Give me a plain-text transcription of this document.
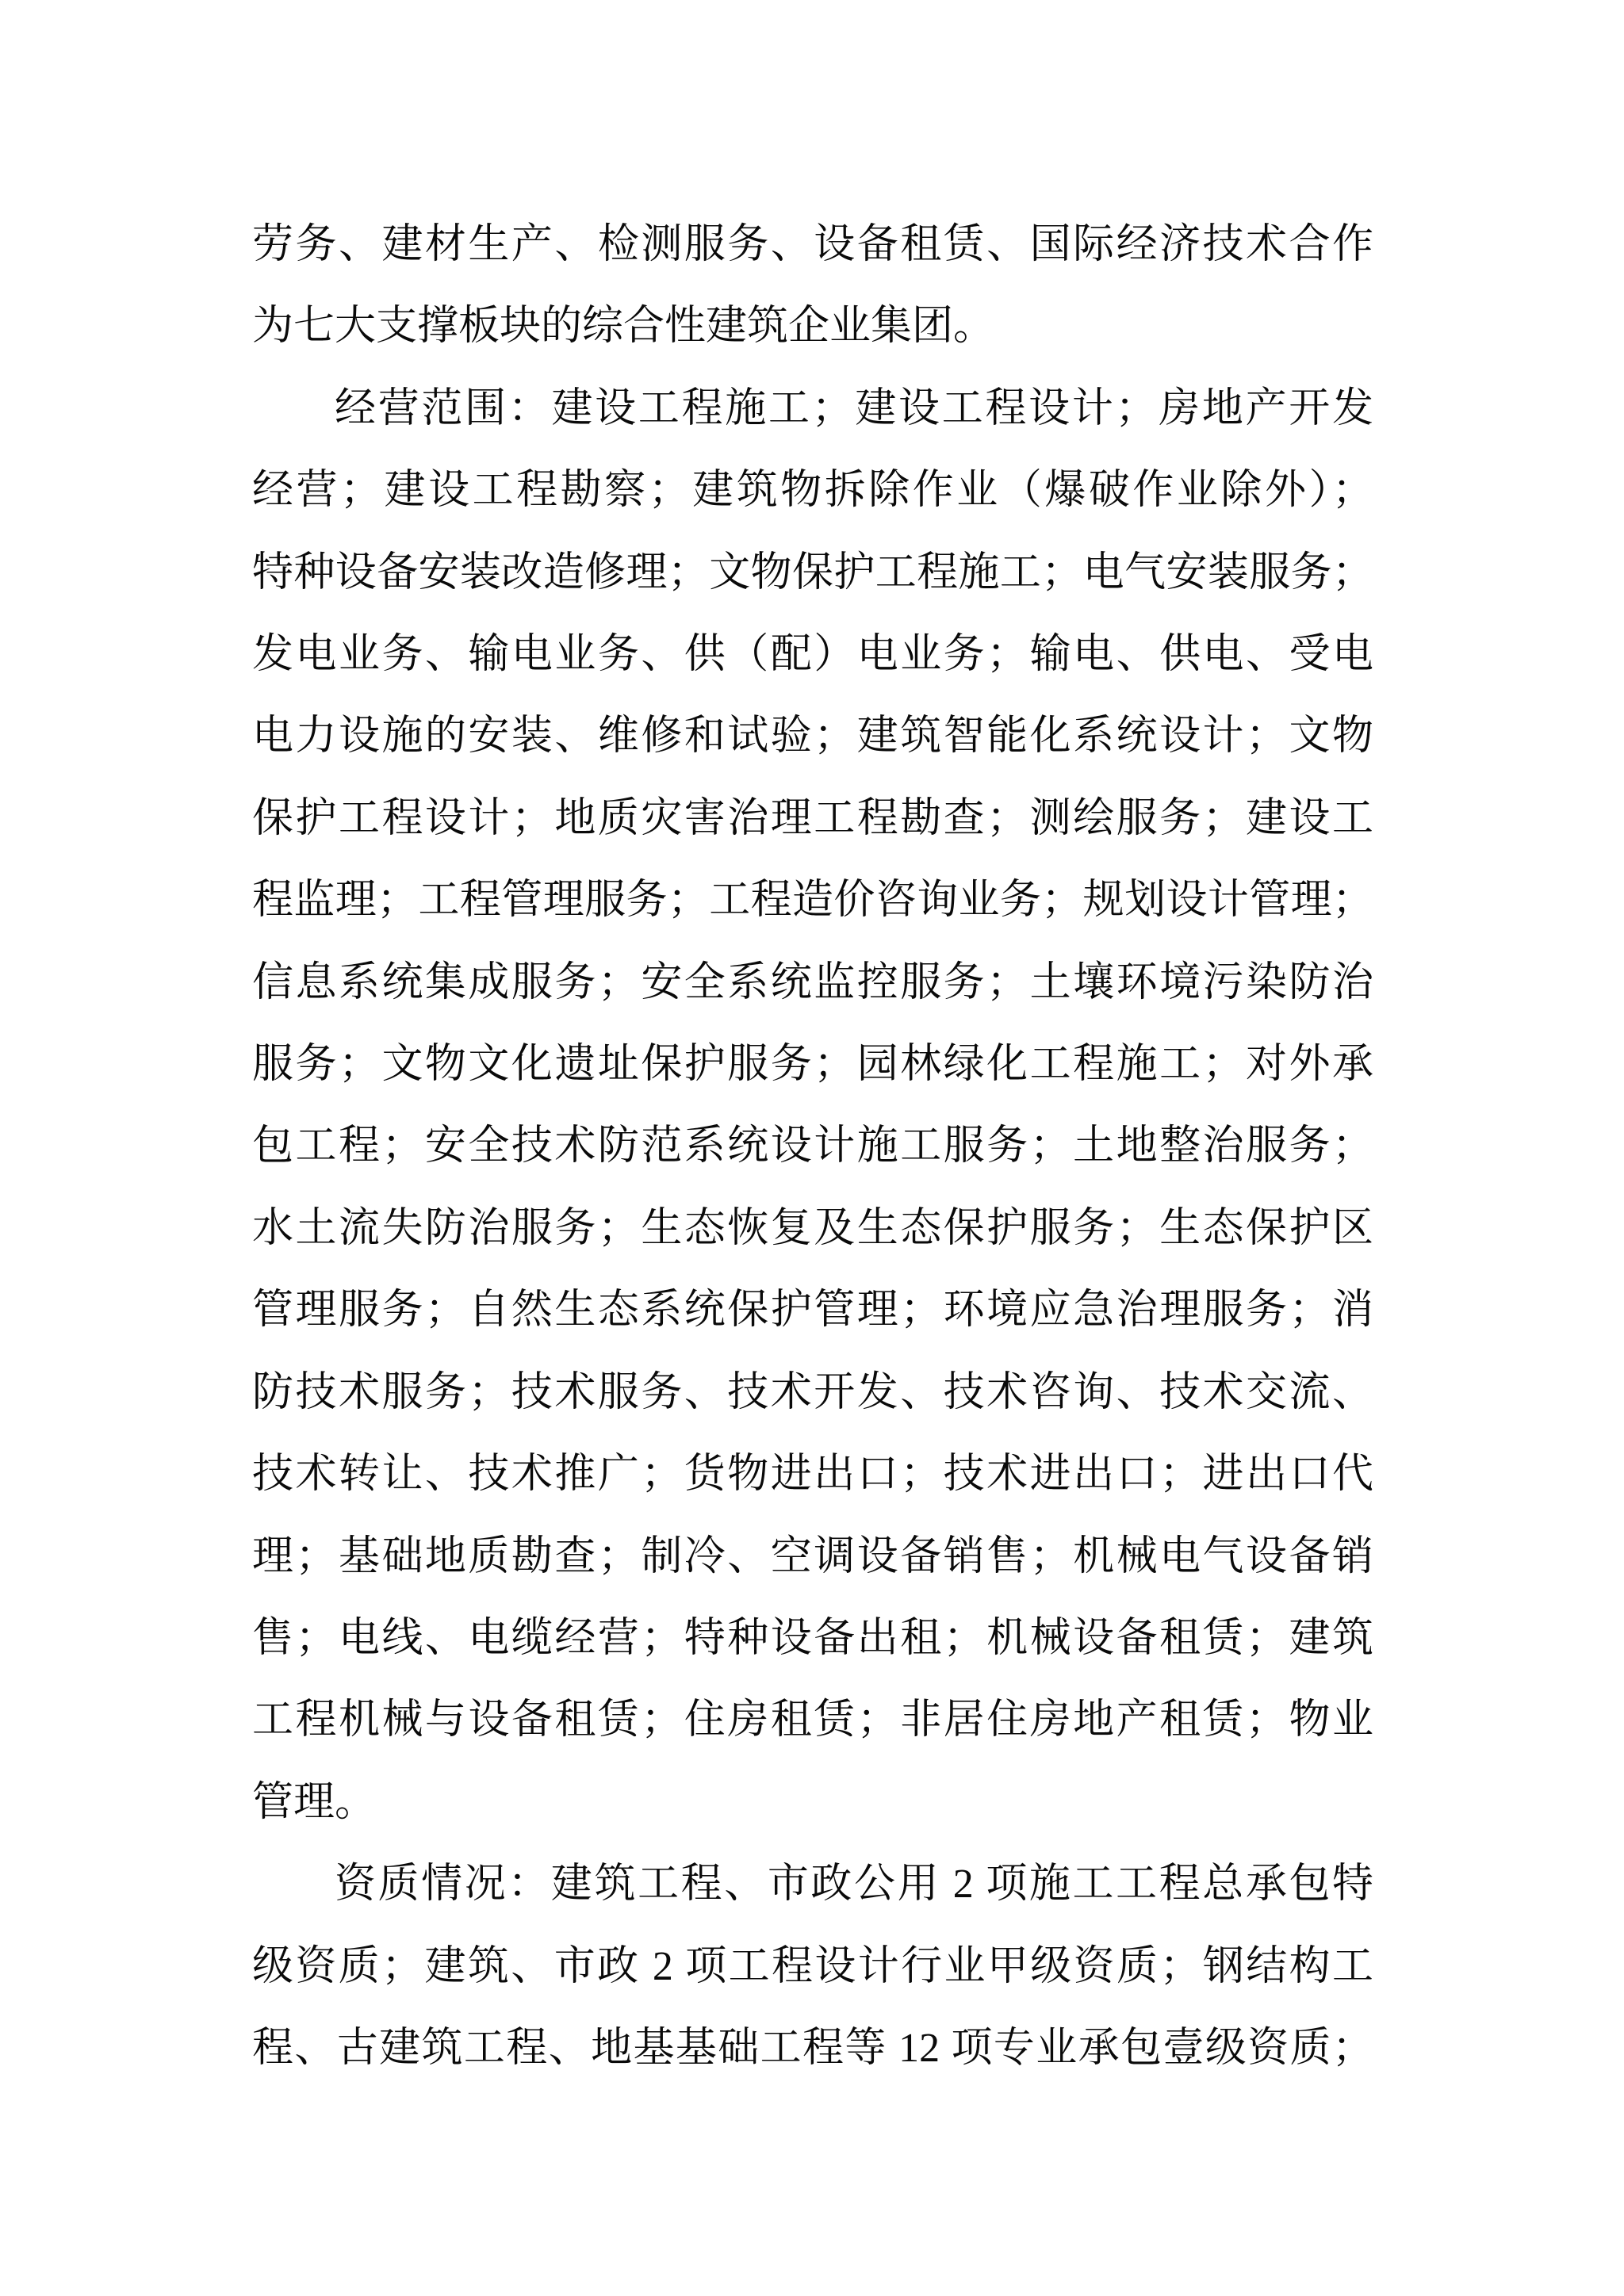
劳务、建材生产、检测服务、设备租赁、国际经济技术合作
为七大支撑板块的综合性建筑企业集团。
经营范围：建设工程施工；建设工程设计；房地产开发
经营；建设工程勘察；建筑物拆除作业（爆破作业除外）；
特种设备安装改造修理；文物保护工程施工；电气安装服务；
发电业务、输电业务、供（配）电业务；输电、供电、受电
电力设施的安装、维修和试验；建筑智能化系统设计；文物
保护工程设计；地质灾害治理工程勘查；测绘服务；建设工
程监理；工程管理服务；工程造价咨询业务；规划设计管理；
信息系统集成服务；安全系统监控服务；土壤环境污染防治
服务；文物文化遗址保护服务；园林绿化工程施工；对外承
包工程；安全技术防范系统设计施工服务；土地整治服务；
水土流失防治服务；生态恢复及生态保护服务；生态保护区
管理服务；自然生态系统保护管理；环境应急治理服务；消
防技术服务；技术服务、技术开发、技术咨询、技术交流、
技术转让、技术推广；货物进出口；技术进出口；进出口代
理；基础地质勘查；制冷、空调设备销售；机械电气设备销
售；电线、电缆经营；特种设备出租；机械设备租赁；建筑
工程机械与设备租赁；住房租赁；非居住房地产租赁；物业
管理。
资质情况：建筑工程、市政公用 2 项施工工程总承包特
级资质；建筑、市政 2 项工程设计行业甲级资质；钢结构工
程、古建筑工程、地基基础工程等 12 项专业承包壹级资质；
